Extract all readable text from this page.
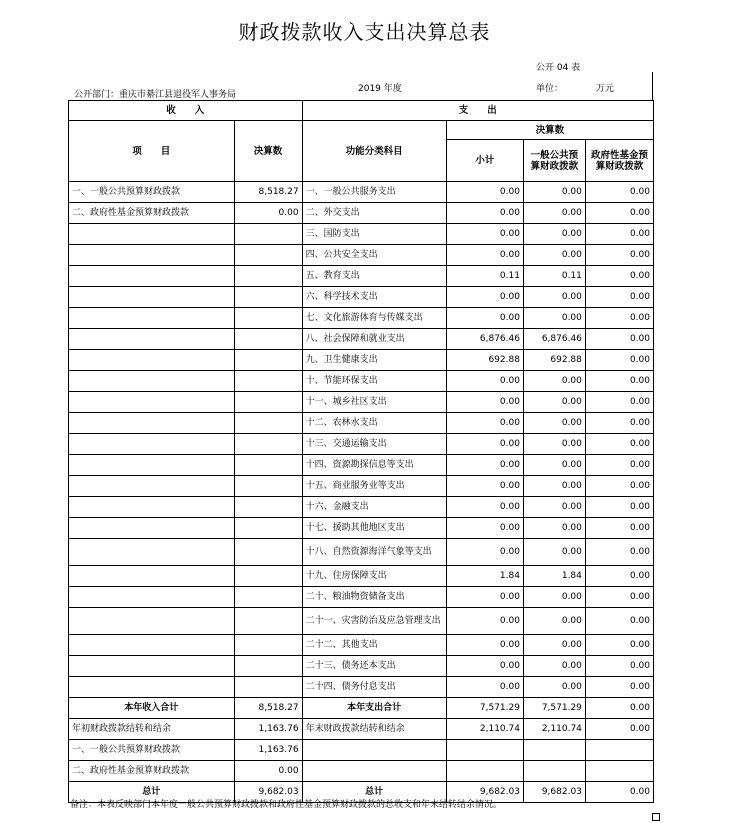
财政拨款收入支出决算总表
公开 04 表
公开部门：重庆市綦江县退役军人事务局
2019 年度	单位：	万元
收　　入		支　　出			
项　　目	决算数	功能分类科目	决算数		
			小计	一般公共预算财政拨款	政府性基金预算财政拨款
一、一般公共预算财政拨款	8,518.27	一、一般公共服务支出	0.00	0.00	0.00
二、政府性基金预算财政拨款	0.00	二、外交支出	0.00	0.00	0.00
		三、国防支出	0.00	0.00	0.00
		四、公共安全支出	0.00	0.00	0.00
		五、教育支出	0.11	0.11	0.00
		六、科学技术支出	0.00	0.00	0.00
		七、文化旅游体育与传媒支出	0.00	0.00	0.00
		八、社会保障和就业支出	6,876.46	6,876.46	0.00
		九、卫生健康支出	692.88	692.88	0.00
		十、节能环保支出	0.00	0.00	0.00
		十一、城乡社区支出	0.00	0.00	0.00
		十二、农林水支出	0.00	0.00	0.00
		十三、交通运输支出	0.00	0.00	0.00
		十四、资源勘探信息等支出	0.00	0.00	0.00
		十五、商业服务业等支出	0.00	0.00	0.00
		十六、金融支出	0.00	0.00	0.00
		十七、援助其他地区支出	0.00	0.00	0.00
		十八、自然资源海洋气象等支出	0.00	0.00	0.00
		十九、住房保障支出	1.84	1.84	0.00
		二十、粮油物资储备支出	0.00	0.00	0.00
		二十一、灾害防治及应急管理支出	0.00	0.00	0.00
		二十二、其他支出	0.00	0.00	0.00
		二十三、债务还本支出	0.00	0.00	0.00
		二十四、债务付息支出	0.00	0.00	0.00
本年收入合计	8,518.27	本年支出合计	7,571.29	7,571.29	0.00
年初财政拨款结转和结余	1,163.76	年末财政拨款结转和结余	2,110.74	2,110.74	0.00
一、一般公共预算财政拨款	1,163.76				
二、政府性基金预算财政拨款	0.00				
总计	9,682.03	总计	9,682.03	9,682.03	0.00
备注：本表反映部门本年度一般公共预算财政拨款和政府性基金预算财政拨款的总收支和年末结转结余情况。
